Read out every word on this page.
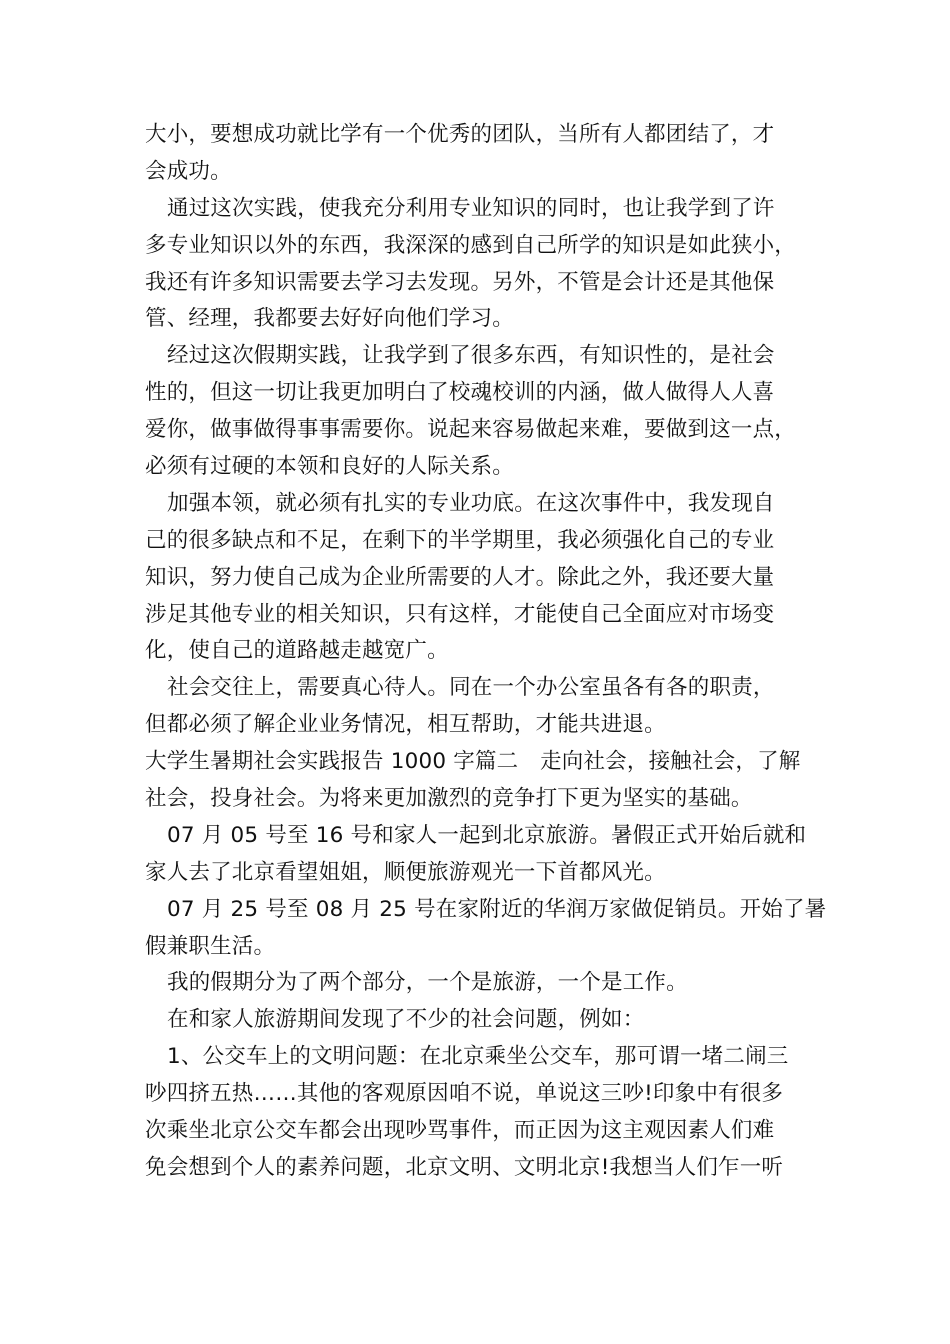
大小，要想成功就比学有一个优秀的团队，当所有人都团结了，才
会成功。
通过这次实践，使我充分利用专业知识的同时，也让我学到了许
多专业知识以外的东西，我深深的感到自己所学的知识是如此狭小，
我还有许多知识需要去学习去发现。另外，不管是会计还是其他保
管、经理，我都要去好好向他们学习。
经过这次假期实践，让我学到了很多东西，有知识性的，是社会
性的，但这一切让我更加明白了校魂校训的内涵，做人做得人人喜
爱你，做事做得事事需要你。说起来容易做起来难，要做到这一点，
必须有过硬的本领和良好的人际关系。
加强本领，就必须有扎实的专业功底。在这次事件中，我发现自
己的很多缺点和不足，在剩下的半学期里，我必须强化自己的专业
知识，努力使自己成为企业所需要的人才。除此之外，我还要大量
涉足其他专业的相关知识，只有这样，才能使自己全面应对市场变
化，使自己的道路越走越宽广。
社会交往上，需要真心待人。同在一个办公室虽各有各的职责，
但都必须了解企业业务情况，相互帮助，才能共进退。
大学生暑期社会实践报告 1000 字篇二　走向社会，接触社会，了解
社会，投身社会。为将来更加激烈的竞争打下更为坚实的基础。
07 月 05 号至 16 号和家人一起到北京旅游。暑假正式开始后就和
家人去了北京看望姐姐，顺便旅游观光一下首都风光。
07 月 25 号至 08 月 25 号在家附近的华润万家做促销员。开始了暑
假兼职生活。
我的假期分为了两个部分，一个是旅游，一个是工作。
在和家人旅游期间发现了不少的社会问题，例如：
1、公交车上的文明问题：在北京乘坐公交车，那可谓一堵二闹三
吵四挤五热……其他的客观原因咱不说，单说这三吵!印象中有很多
次乘坐北京公交车都会出现吵骂事件，而正因为这主观因素人们难
免会想到个人的素养问题，北京文明、文明北京!我想当人们乍一听
